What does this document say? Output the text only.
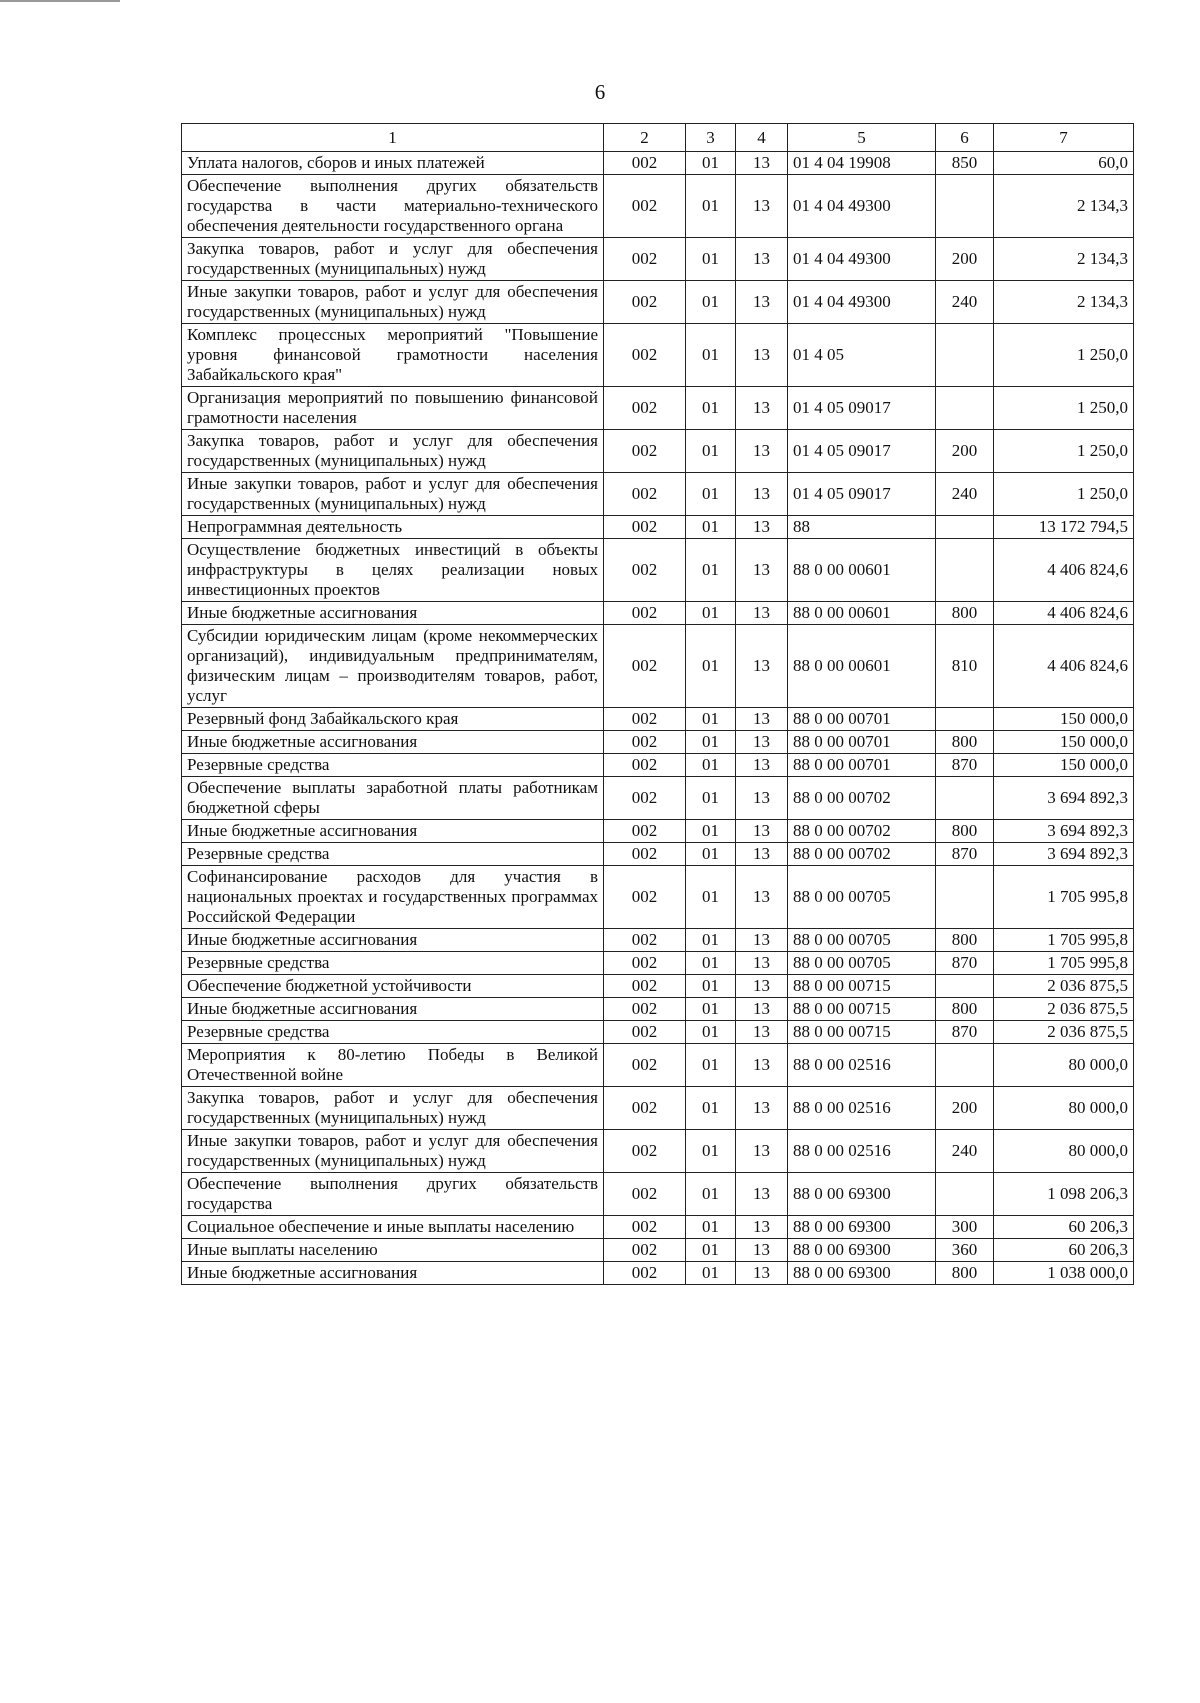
6
1	2	3	4	5	6	7
Уплата налогов, сборов и иных платежей	002	01	13	01 4 04 19908	850	60,0
Обеспечение выполнения других обязательств государства в части материально-технического обеспечения деятельности государственного органа	002	01	13	01 4 04 49300		2 134,3
Закупка товаров, работ и услуг для обеспечения государственных (муниципальных) нужд	002	01	13	01 4 04 49300	200	2 134,3
Иные закупки товаров, работ и услуг для обеспечения государственных (муниципальных) нужд	002	01	13	01 4 04 49300	240	2 134,3
Комплекс процессных мероприятий "Повышение уровня финансовой грамотности населения Забайкальского края"	002	01	13	01 4 05		1 250,0
Организация мероприятий по повышению финансовой грамотности населения	002	01	13	01 4 05 09017		1 250,0
Закупка товаров, работ и услуг для обеспечения государственных (муниципальных) нужд	002	01	13	01 4 05 09017	200	1 250,0
Иные закупки товаров, работ и услуг для обеспечения государственных (муниципальных) нужд	002	01	13	01 4 05 09017	240	1 250,0
Непрограммная деятельность	002	01	13	88		13 172 794,5
Осуществление бюджетных инвестиций в объекты инфраструктуры в целях реализации новых инвестиционных проектов	002	01	13	88 0 00 00601		4 406 824,6
Иные бюджетные ассигнования	002	01	13	88 0 00 00601	800	4 406 824,6
Субсидии юридическим лицам (кроме некоммерческих организаций), индивидуальным предпринимателям, физическим лицам – производителям товаров, работ, услуг	002	01	13	88 0 00 00601	810	4 406 824,6
Резервный фонд Забайкальского края	002	01	13	88 0 00 00701		150 000,0
Иные бюджетные ассигнования	002	01	13	88 0 00 00701	800	150 000,0
Резервные средства	002	01	13	88 0 00 00701	870	150 000,0
Обеспечение выплаты заработной платы работникам бюджетной сферы	002	01	13	88 0 00 00702		3 694 892,3
Иные бюджетные ассигнования	002	01	13	88 0 00 00702	800	3 694 892,3
Резервные средства	002	01	13	88 0 00 00702	870	3 694 892,3
Софинансирование расходов для участия в национальных проектах и государственных программах Российской Федерации	002	01	13	88 0 00 00705		1 705 995,8
Иные бюджетные ассигнования	002	01	13	88 0 00 00705	800	1 705 995,8
Резервные средства	002	01	13	88 0 00 00705	870	1 705 995,8
Обеспечение бюджетной устойчивости	002	01	13	88 0 00 00715		2 036 875,5
Иные бюджетные ассигнования	002	01	13	88 0 00 00715	800	2 036 875,5
Резервные средства	002	01	13	88 0 00 00715	870	2 036 875,5
Мероприятия к 80-летию Победы в Великой Отечественной войне	002	01	13	88 0 00 02516		80 000,0
Закупка товаров, работ и услуг для обеспечения государственных (муниципальных) нужд	002	01	13	88 0 00 02516	200	80 000,0
Иные закупки товаров, работ и услуг для обеспечения государственных (муниципальных) нужд	002	01	13	88 0 00 02516	240	80 000,0
Обеспечение выполнения других обязательств государства	002	01	13	88 0 00 69300		1 098 206,3
Социальное обеспечение и иные выплаты населению	002	01	13	88 0 00 69300	300	60 206,3
Иные выплаты населению	002	01	13	88 0 00 69300	360	60 206,3
Иные бюджетные ассигнования	002	01	13	88 0 00 69300	800	1 038 000,0
